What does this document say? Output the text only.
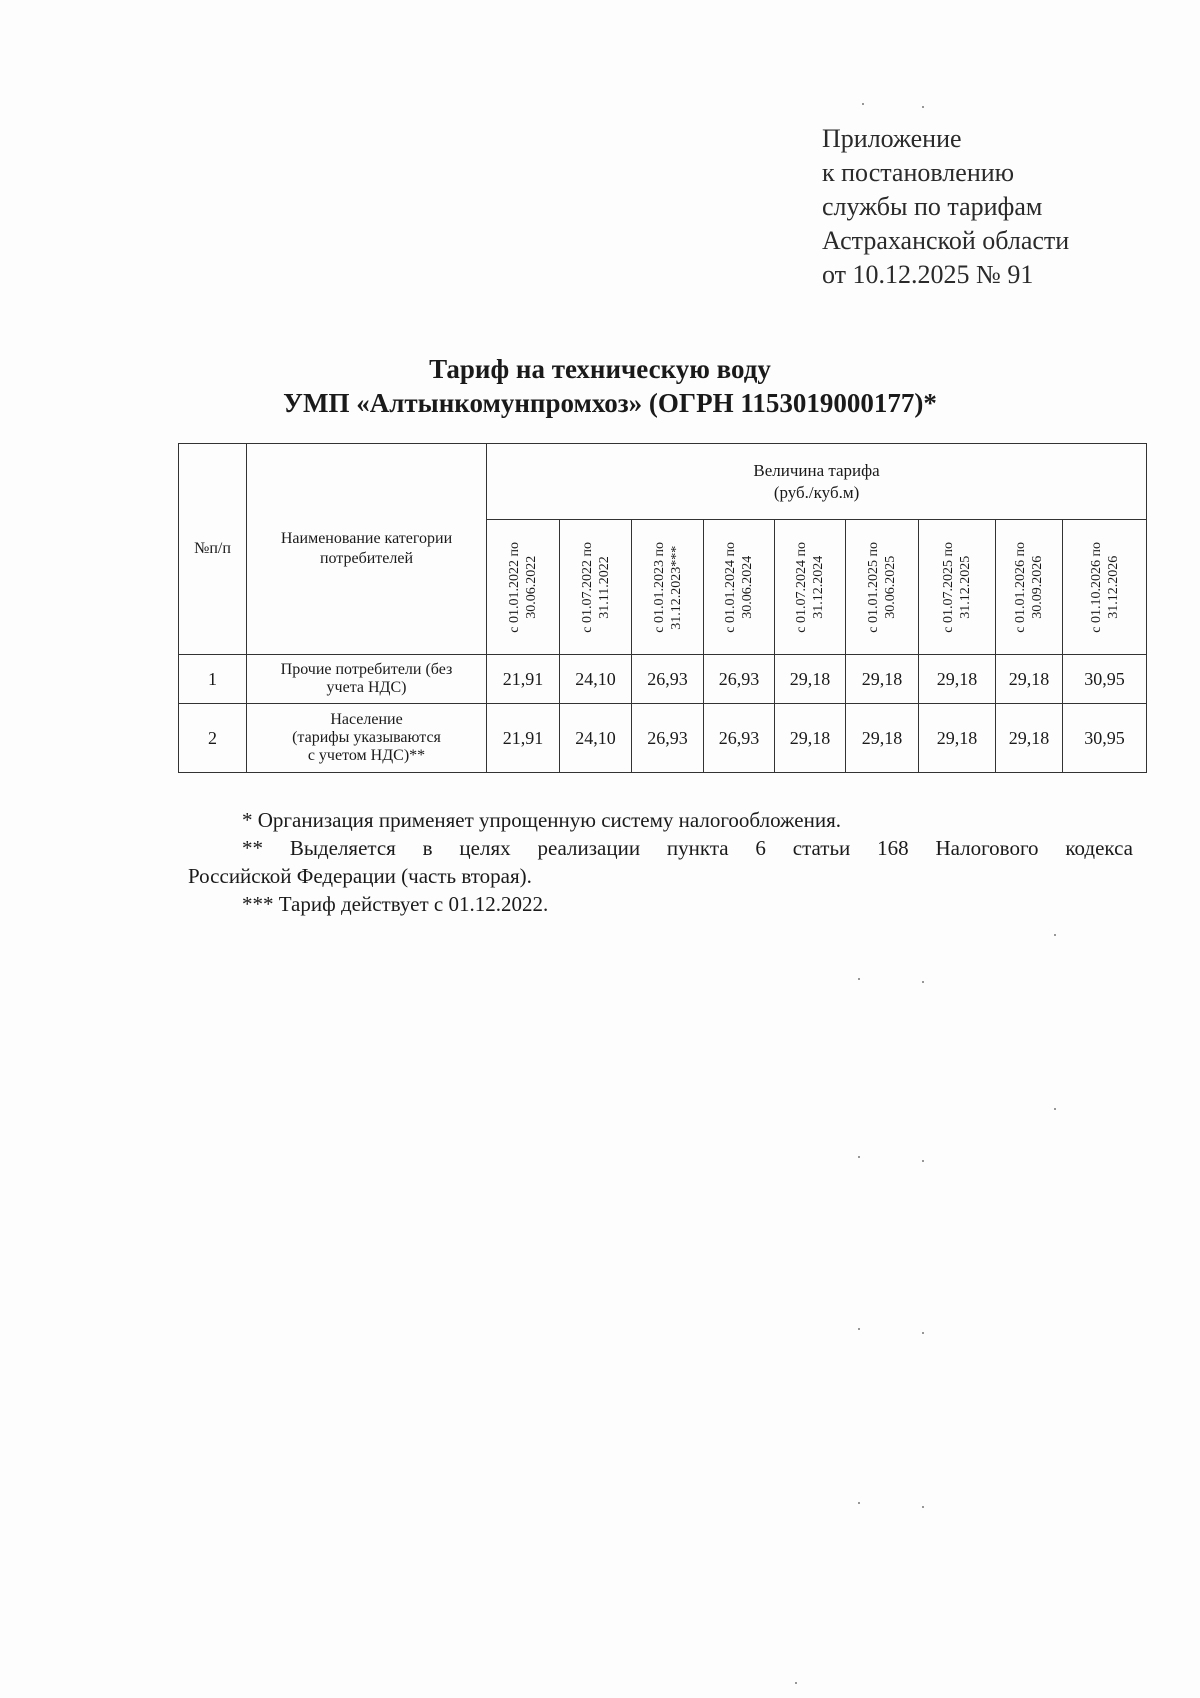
Приложение
к постановлению
службы по тарифам
Астраханской области
от 10.12.2025 № 91
Тариф на техническую воду
УМП «Алтынкомунпромхоз» (ОГРН 1153019000177)*
№п/п	Наименование категории потребителей	Величина тарифа
(руб./куб.м)								

		с 01.01.2022 по 30.06.2022	с 01.07.2022 по 31.11.2022	с 01.01.2023 по 31.12.2023***	с 01.01.2024 по 30.06.2024	с 01.07.2024 по 31.12.2024	с 01.01.2025 по 30.06.2025	с 01.07.2025 по 31.12.2025	с 01.01.2026 по 30.09.2026	с 01.10.2026 по 31.12.2026

1	Прочие потребители (без
учета НДС)	21,91	24,10	26,93	26,93	29,18	29,18	29,18	29,18	30,95
2	Население
(тарифы указываются
с учетом НДС)**	21,91	24,10	26,93	26,93	29,18	29,18	29,18	29,18	30,95

* Организация применяет упрощенную систему налогообложения.

** Выделяется в целях реализации пункта 6 статьи 168 Налогового кодекса

Российской Федерации (часть вторая).

*** Тариф действует с 01.12.2022.
